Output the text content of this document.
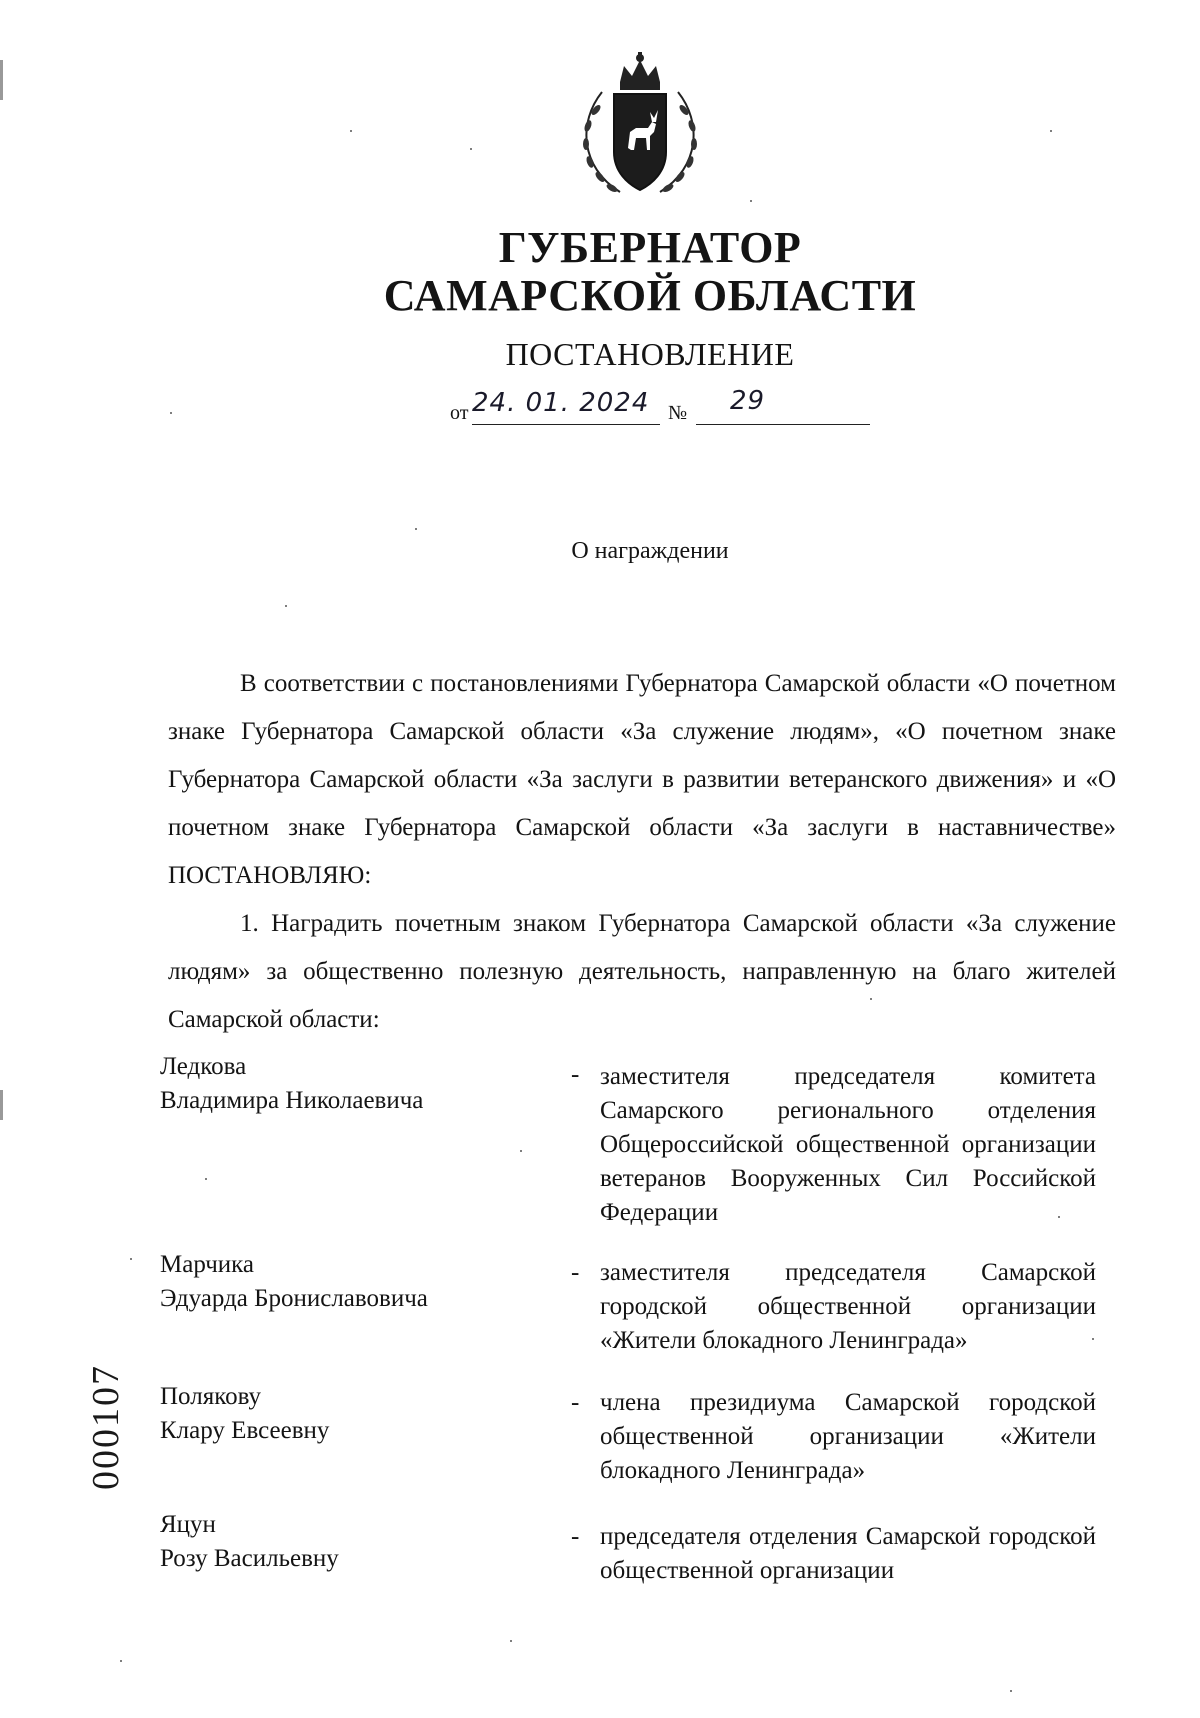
ГУБЕРНАТОР
САМАРСКОЙ ОБЛАСТИ
ПОСТАНОВЛЕНИЕ
от 24. 01. 2024 № 29
О награждении
В соответствии с постановлениями Губернатора Самарской области «О почетном знаке Губернатора Самарской области «За служение людям», «О почетном знаке Губернатора Самарской области «За заслуги в развитии ветеранского движения» и «О почетном знаке Губернатора Самарской области «За заслуги в наставничестве» ПОСТАНОВЛЯЮ:
1. Наградить почетным знаком Губернатора Самарской области «За служение людям» за общественно полезную деятельность, направленную на благо жителей Самарской области:
Ледкова
Владимира Николаевича
- заместителя председателя комитета Самарского регионального отделения Общероссийской общественной организации ветеранов Вооруженных Сил Российской Федерации
Марчика
Эдуарда Брониславовича
- заместителя председателя Самарской городской общественной организации «Жители блокадного Ленинграда»
Полякову
Клару Евсеевну
- члена президиума Самарской городской общественной организации «Жители блокадного Ленинграда»
Яцун
Розу Васильевну
- председателя отделения Самарской городской общественной организации
000107
